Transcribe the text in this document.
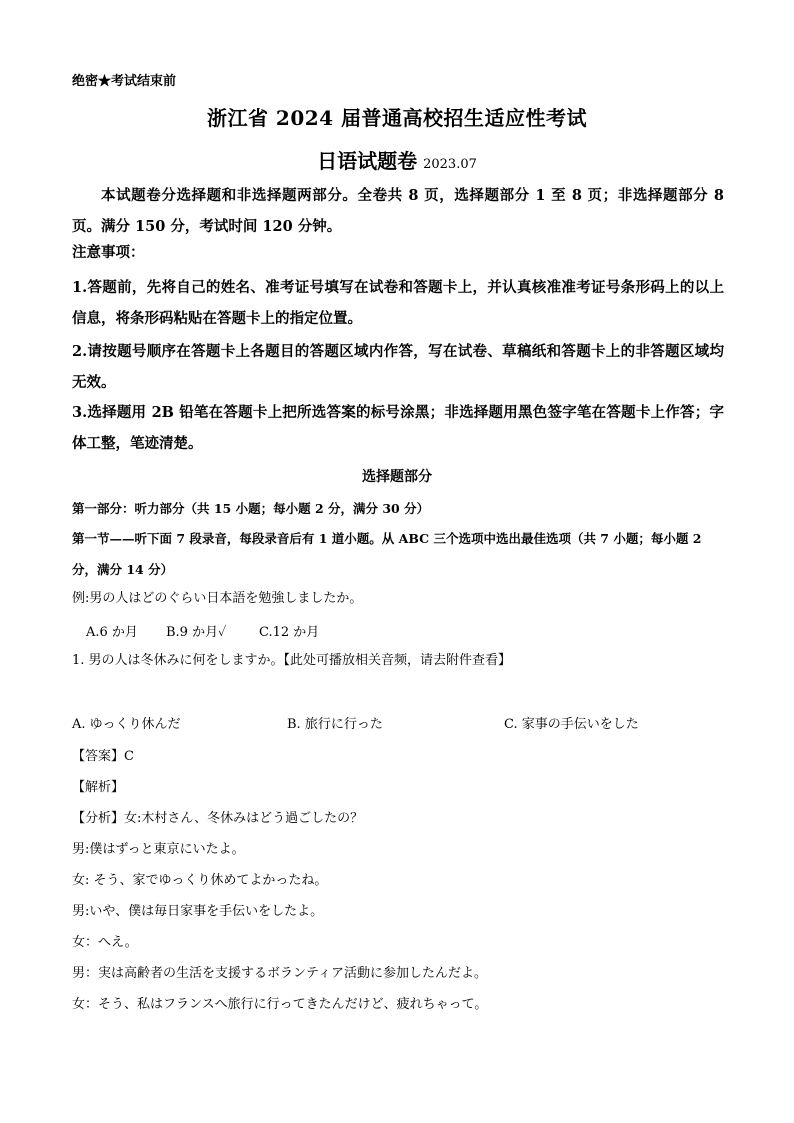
绝密★考试结束前
浙江省 2024 届普通高校招生适应性考试
日语试题卷 2023.07
本试题卷分选择题和非选择题两部分。全卷共 8 页，选择题部分 1 至 8 页；非选择题部分 8 页。满分 150 分，考试时间 120 分钟。
注意事项：
1.答题前，先将自己的姓名、准考证号填写在试卷和答题卡上，并认真核准准考证号条形码上的以上信息，将条形码粘贴在答题卡上的指定位置。
2.请按题号顺序在答题卡上各题目的答题区域内作答，写在试卷、草稿纸和答题卡上的非答题区域均无效。
3.选择题用 2B 铅笔在答题卡上把所选答案的标号涂黑；非选择题用黑色签字笔在答题卡上作答；字体工整，笔迹清楚。
选择题部分
第一部分：听力部分（共 15 小题；每小题 2 分，满分 30 分）
第一节——听下面 7 段录音，每段录音后有 1 道小题。从 ABC 三个选项中选出最佳选项（共 7 小题；每小题 2 分，满分 14 分）
例:男の人はどのぐらい日本語を勉強しましたか。
A.6 か月 B.9 か月✓	C.12 か月
1. 男の人は冬休みに何をしますか。【此处可播放相关音频，请去附件查看】
A. ゆっくり休んだ	B. 旅行に行った	C. 家事の手伝いをした
【答案】C
【解析】
【分析】女:木村さん、冬休みはどう過ごしたの？
男:僕はずっと東京にいたよ。
女: そう、家でゆっくり休めてよかったね。
男:いや、僕は毎日家事を手伝いをしたよ。
女：へえ。
男：実は高齢者の生活を支援するボランティア活動に参加したんだよ。
女：そう、私はフランスへ旅行に行ってきたんだけど、疲れちゃって。
